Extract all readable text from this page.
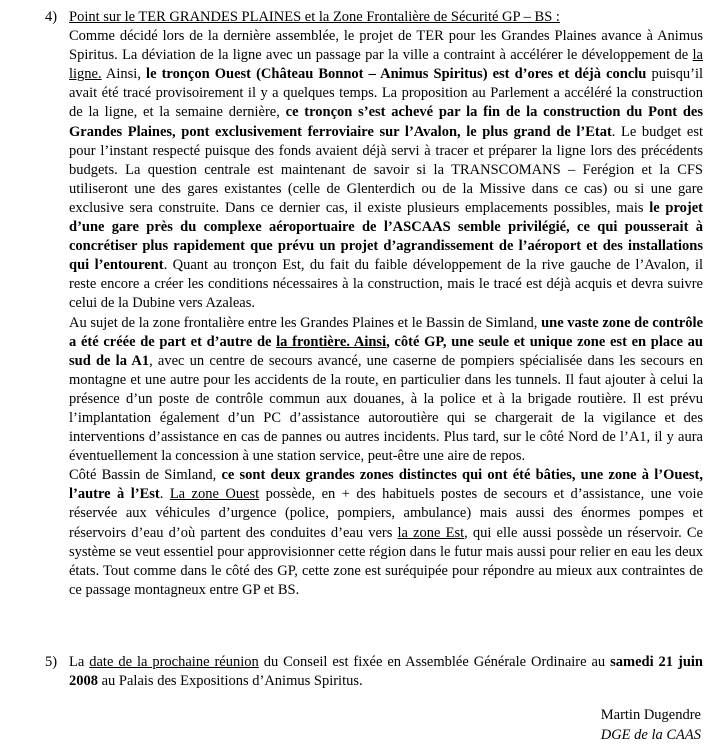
4) Point sur le TER GRANDES PLAINES et la Zone Frontalière de Sécurité GP – BS :

Comme décidé lors de la dernière assemblée, le projet de TER pour les Grandes Plaines avance à Animus Spiritus. La déviation de la ligne avec un passage par la ville a contraint à accélérer le développement de la ligne. Ainsi, le tronçon Ouest (Château Bonnot – Animus Spiritus) est d’ores et déjà conclu puisqu’il avait été tracé provisoirement il y a quelques temps. La proposition au Parlement a accéléré la construction de la ligne, et la semaine dernière, ce tronçon s’est achevé par la fin de la construction du Pont des Grandes Plaines, pont exclusivement ferroviaire sur l’Avalon, le plus grand de l’Etat. Le budget est pour l’instant respecté puisque des fonds avaient déjà servi à tracer et préparer la ligne lors des précédents budgets. La question centrale est maintenant de savoir si la TRANSCOMANS – Ferégion et la CFS utiliseront une des gares existantes (celle de Glenterdich ou de la Missive dans ce cas) ou si une gare exclusive sera construite. Dans ce dernier cas, il existe plusieurs emplacements possibles, mais le projet d’une gare près du complexe aéroportuaire de l’ASCAAS semble privilégié, ce qui pousserait à concrétiser plus rapidement que prévu un projet d’agrandissement de l’aéroport et des installations qui l’entourent. Quant au tronçon Est, du fait du faible développement de la rive gauche de l’Avalon, il reste encore a créer les conditions nécessaires à la construction, mais le tracé est déjà acquis et devra suivre celui de la Dubine vers Azaleas.

Au sujet de la zone frontalière entre les Grandes Plaines et le Bassin de Simland, une vaste zone de contrôle a été créée de part et d’autre de la frontière. Ainsi, côté GP, une seule et unique zone est en place au sud de la A1, avec un centre de secours avancé, une caserne de pompiers spécialisée dans les secours en montagne et une autre pour les accidents de la route, en particulier dans les tunnels. Il faut ajouter à celui la présence d’un poste de contrôle commun aux douanes, à la police et à la brigade routière. Il est prévu l’implantation également d’un PC d’assistance autoroutière qui se chargerait de la vigilance et des interventions d’assistance en cas de pannes ou autres incidents. Plus tard, sur le côté Nord de l’A1, il y aura éventuellement la concession à une station service, peut-être une aire de repos.

Côté Bassin de Simland, ce sont deux grandes zones distinctes qui ont été bâties, une zone à l’Ouest, l’autre à l’Est. La zone Ouest possède, en + des habituels postes de secours et d’assistance, une voie réservée aux véhicules d’urgence (police, pompiers, ambulance) mais aussi des énormes pompes et réservoirs d’eau d’où partent des conduites d’eau vers la zone Est, qui elle aussi possède un réservoir. Ce système se veut essentiel pour approvisionner cette région dans le futur mais aussi pour relier en eau les deux états. Tout comme dans le côté des GP, cette zone est suréquipée pour répondre au mieux aux contraintes de ce passage montagneux entre GP et BS.

5) La date de la prochaine réunion du Conseil est fixée en Assemblée Générale Ordinaire au samedi 21 juin 2008 au Palais des Expositions d’Animus Spiritus.

Martin Dugendre
DGE de la CAAS
